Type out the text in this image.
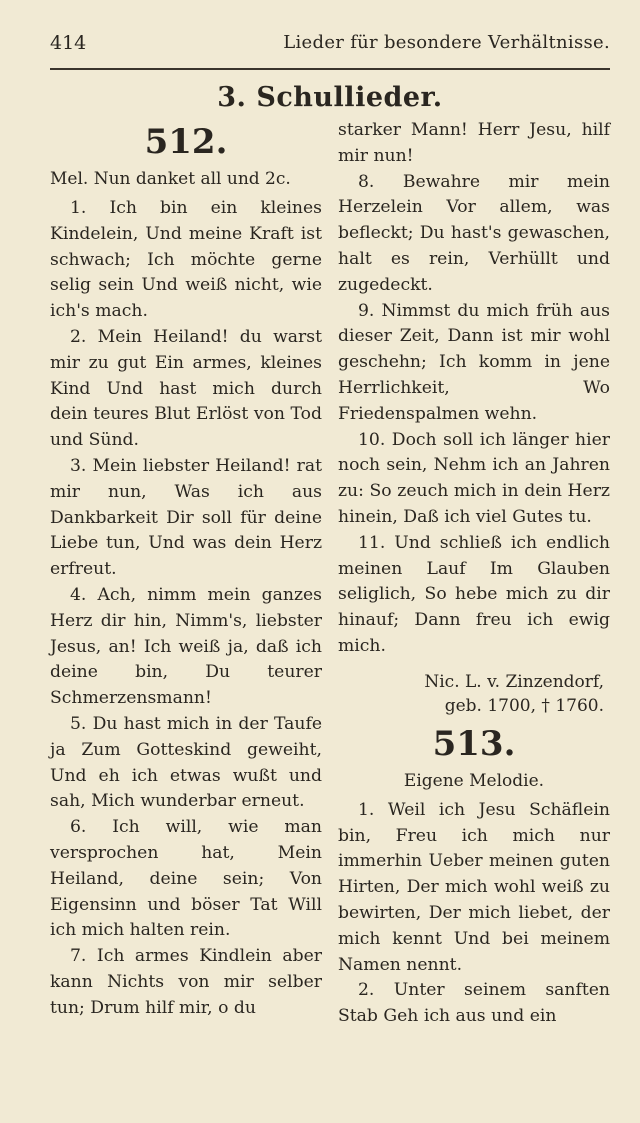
414	Lieder für besondere Verhältnisse.
3. Schullieder.
512.
Mel. Nun danket all und 2c.

1. Ich bin ein kleines Kindelein, Und meine Kraft ist schwach; Ich möchte gerne selig sein Und weiß nicht, wie ich's mach.

2. Mein Heiland! du warst mir zu gut Ein armes, kleines Kind Und hast mich durch dein teures Blut Erlöst von Tod und Sünd.

3. Mein liebster Heiland! rat mir nun, Was ich aus Dankbarkeit Dir soll für deine Liebe tun, Und was dein Herz erfreut.

4. Ach, nimm mein ganzes Herz dir hin, Nimm's, liebster Jesus, an! Ich weiß ja, daß ich deine bin, Du teurer Schmerzensmann!

5. Du hast mich in der Taufe ja Zum Gotteskind geweiht, Und eh ich etwas wußt und sah, Mich wunderbar erneut.

6. Ich will, wie man versprochen hat, Mein Heiland, deine sein; Von Eigensinn und böser Tat Will ich mich halten rein.

7. Ich armes Kindlein aber kann Nichts von mir selber tun; Drum hilf mir, o du

starker Mann! Herr Jesu, hilf mir nun!

8. Bewahre mir mein Herzelein Vor allem, was befleckt; Du hast's gewaschen, halt es rein, Verhüllt und zugedeckt.

9. Nimmst du mich früh aus dieser Zeit, Dann ist mir wohl geschehn; Ich komm in jene Herrlichkeit, Wo Friedenspalmen wehn.

10. Doch soll ich länger hier noch sein, Nehm ich an Jahren zu: So zeuch mich in dein Herz hinein, Daß ich viel Gutes tu.

11. Und schließ ich endlich meinen Lauf Im Glauben seliglich, So hebe mich zu dir hinauf; Dann freu ich ewig mich.

Nic. L. v. Zinzendorf,
geb. 1700, † 1760.
513.
Eigene Melodie.

1. Weil ich Jesu Schäflein bin, Freu ich mich nur immerhin Ueber meinen guten Hirten, Der mich wohl weiß zu bewirten, Der mich liebet, der mich kennt Und bei meinem Namen nennt.

2. Unter seinem sanften Stab Geh ich aus und ein
